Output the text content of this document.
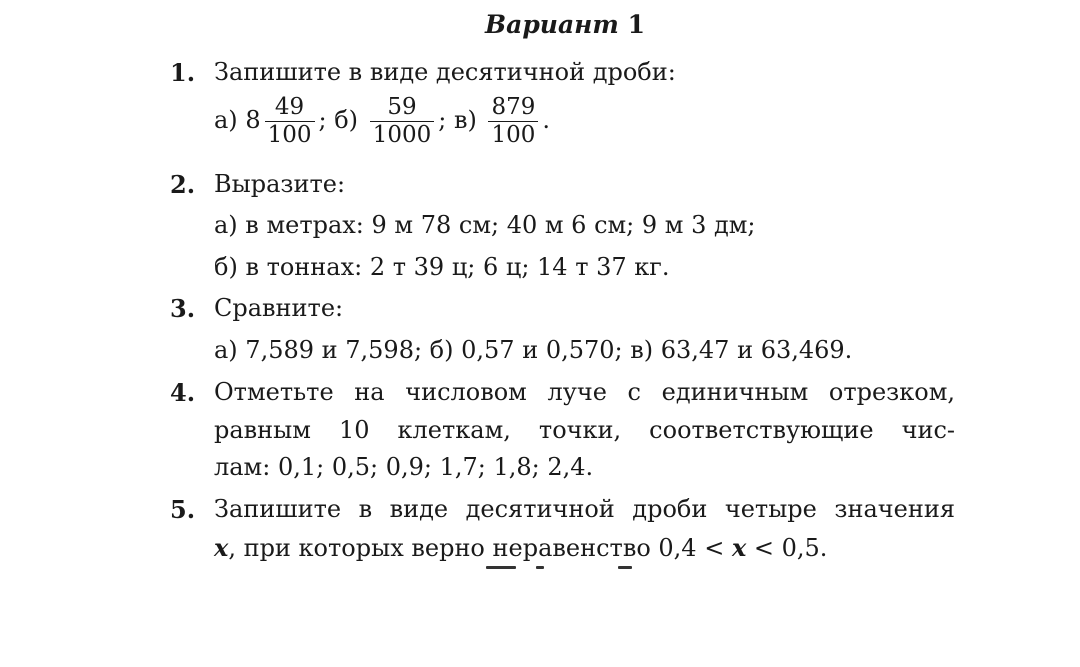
Вариант 1
1. Запишите в виде десятичной дроби:
а) $8 \frac{49}{100}$ ; $б) \frac{59}{1000}$ ; $в) \frac{879}{100}$ .
2. Выразите:
а) в метрах: 9 м 78 см; 40 м 6 см; 9 м 3 дм;
б) в тоннах: 2 т 39 ц; 6 ц; 14 т 37 кг.
3. Сравните:
а) 7,589 и 7,598; б) 0,57 и 0,570; в) 63,47 и 63,469.
4. Отметьте на числовом луче с единичным отрезком,
равным 10 клеткам, точки, соответствующие чис-
лам: 0,1; 0,5; 0,9; 1,7; 1,8; 2,4.
5. Запишите в виде десятичной дроби четыре значения
x, при которых верно неравенство 0,4 < x < 0,5.
